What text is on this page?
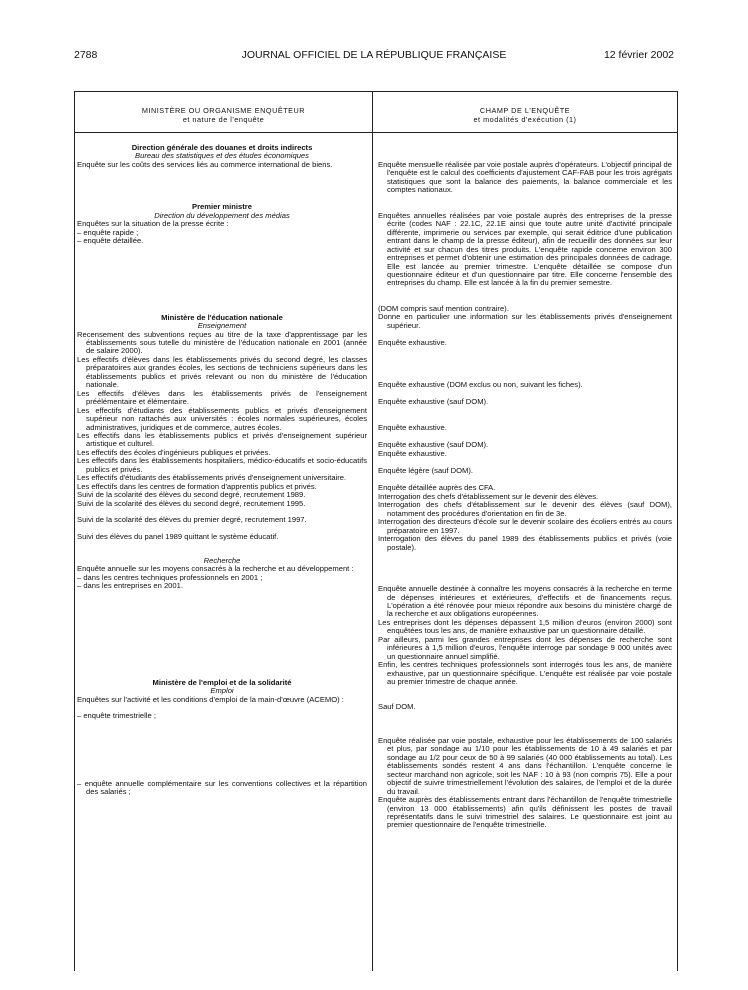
2788	JOURNAL OFFICIEL DE LA RÉPUBLIQUE FRANÇAISE	12 février 2002
MINISTÈRE OU ORGANISME ENQUÊTEUR
et nature de l'enquête
CHAMP DE L'ENQUÊTE
et modalités d'exécution (1)

Direction générale des douanes et droits indirects

Bureau des statistiques et des études économiques

Enquête sur les coûts des services liés au commerce international de biens.

Premier ministre

Direction du développement des médias

Enquêtes sur la situation de la presse écrite :

– enquête rapide ;

– enquête détaillée.

Ministère de l'éducation nationale

Enseignement

Recensement des subventions reçues au titre de la taxe d'apprentissage par les établissements sous tutelle du ministère de l'éducation nationale en 2001 (année de salaire 2000).

Les effectifs d'élèves dans les établissements privés du second degré, les classes préparatoires aux grandes écoles, les sections de techniciens supérieurs dans les établissements publics et privés relevant ou non du ministère de l'éducation nationale.

Les effectifs d'élèves dans les établissements privés de l'enseignement préélémentaire et élémentaire.

Les effectifs d'étudiants des établissements publics et privés d'enseignement supérieur non rattachés aux universités : écoles normales supérieures, écoles administratives, juridiques et de commerce, autres écoles.

Les effectifs dans les établissements publics et privés d'enseignement supérieur artistique et culturel.

Les effectifs des écoles d'ingénieurs publiques et privées.

Les effectifs dans les établissements hospitaliers, médico-éducatifs et socio-éducatifs publics et privés.

Les effectifs d'étudiants des établissements privés d'enseignement universitaire.

Les effectifs dans les centres de formation d'apprentis publics et privés.

Suivi de la scolarité des élèves du second degré, recrutement 1989.

Suivi de la scolarité des élèves du second degré, recrutement 1995.

Suivi de la scolarité des élèves du premier degré, recrutement 1997.

Suivi des élèves du panel 1989 quittant le système éducatif.

Recherche

Enquête annuelle sur les moyens consacrés à la recherche et au développement :

– dans les centres techniques professionnels en 2001 ;

– dans les entreprises en 2001.

Ministère de l'emploi et de la solidarité

Emploi

Enquêtes sur l'activité et les conditions d'emploi de la main-d'œuvre (ACEMO) :

– enquête trimestrielle ;

– enquête annuelle complémentaire sur les conventions collectives et la répartition des salariés ;

Enquête mensuelle réalisée par voie postale auprès d'opérateurs. L'objectif principal de l'enquête est le calcul des coefficients d'ajustement CAF-FAB pour les trois agrégats statistiques que sont la balance des paiements, la balance commerciale et les comptes nationaux.

Enquêtes annuelles réalisées par voie postale auprès des entreprises de la presse écrite (codes NAF : 22.1C, 22.1E ainsi que toute autre unité d'activité principale différente, imprimerie ou services par exemple, qui serait éditrice d'une publication entrant dans le champ de la presse éditeur), afin de recueillir des données sur leur activité et sur chacun des titres produits. L'enquête rapide concerne environ 300 entreprises et permet d'obtenir une estimation des principales données de cadrage. Elle est lancée au premier trimestre. L'enquête détaillée se compose d'un questionnaire éditeur et d'un questionnaire par titre. Elle concerne l'ensemble des entreprises du champ. Elle est lancée à la fin du premier semestre.

(DOM compris sauf mention contraire).

Donne en particulier une information sur les établissements privés d'enseignement supérieur.

Enquête exhaustive.

Enquête exhaustive (DOM exclus ou non, suivant les fiches).

Enquête exhaustive (sauf DOM).

Enquête exhaustive.

Enquête exhaustive (sauf DOM).

Enquête exhaustive.

Enquête légère (sauf DOM).

Enquête détaillée auprès des CFA.

Interrogation des chefs d'établissement sur le devenir des élèves.

Interrogation des chefs d'établissement sur le devenir des élèves (sauf DOM), notamment des procédures d'orientation en fin de 3e.

Interrogation des directeurs d'école sur le devenir scolaire des écoliers entrés au cours préparatoire en 1997.

Interrogation des élèves du panel 1989 des établissements publics et privés (voie postale).

Enquête annuelle destinée à connaître les moyens consacrés à la recherche en terme de dépenses intérieures et extérieures, d'effectifs et de financements reçus. L'opération a été rénovée pour mieux répondre aux besoins du ministère chargé de la recherche et aux obligations européennes.

Les entreprises dont les dépenses dépassent 1,5 million d'euros (environ 2000) sont enquêtées tous les ans, de manière exhaustive par un questionnaire détaillé.

Par ailleurs, parmi les grandes entreprises dont les dépenses de recherche sont inférieures à 1,5 million d'euros, l'enquête interroge par sondage 9 000 unités avec un questionnaire annuel simplifié.

Enfin, les centres techniques professionnels sont interrogés tous les ans, de manière exhaustive, par un questionnaire spécifique. L'enquête est réalisée par voie postale au premier trimestre de chaque année.

Sauf DOM.

Enquête réalisée par voie postale, exhaustive pour les établissements de 100 salariés et plus, par sondage au 1/10 pour les établissements de 10 à 49 salariés et par sondage au 1/2 pour ceux de 50 à 99 salariés (40 000 établissements au total). Les établissements sondés restent 4 ans dans l'échantillon. L'enquête concerne le secteur marchand non agricole, soit les NAF : 10 à 93 (non compris 75). Elle a pour objectif de suivre trimestriellement l'évolution des salaires, de l'emploi et de la durée du travail.

Enquête auprès des établissements entrant dans l'échantillon de l'enquête trimestrielle (environ 13 000 établissements) afin qu'ils définissent les postes de travail représentatifs dans le suivi trimestriel des salaires. Le questionnaire est joint au premier questionnaire de l'enquête trimestrielle.
